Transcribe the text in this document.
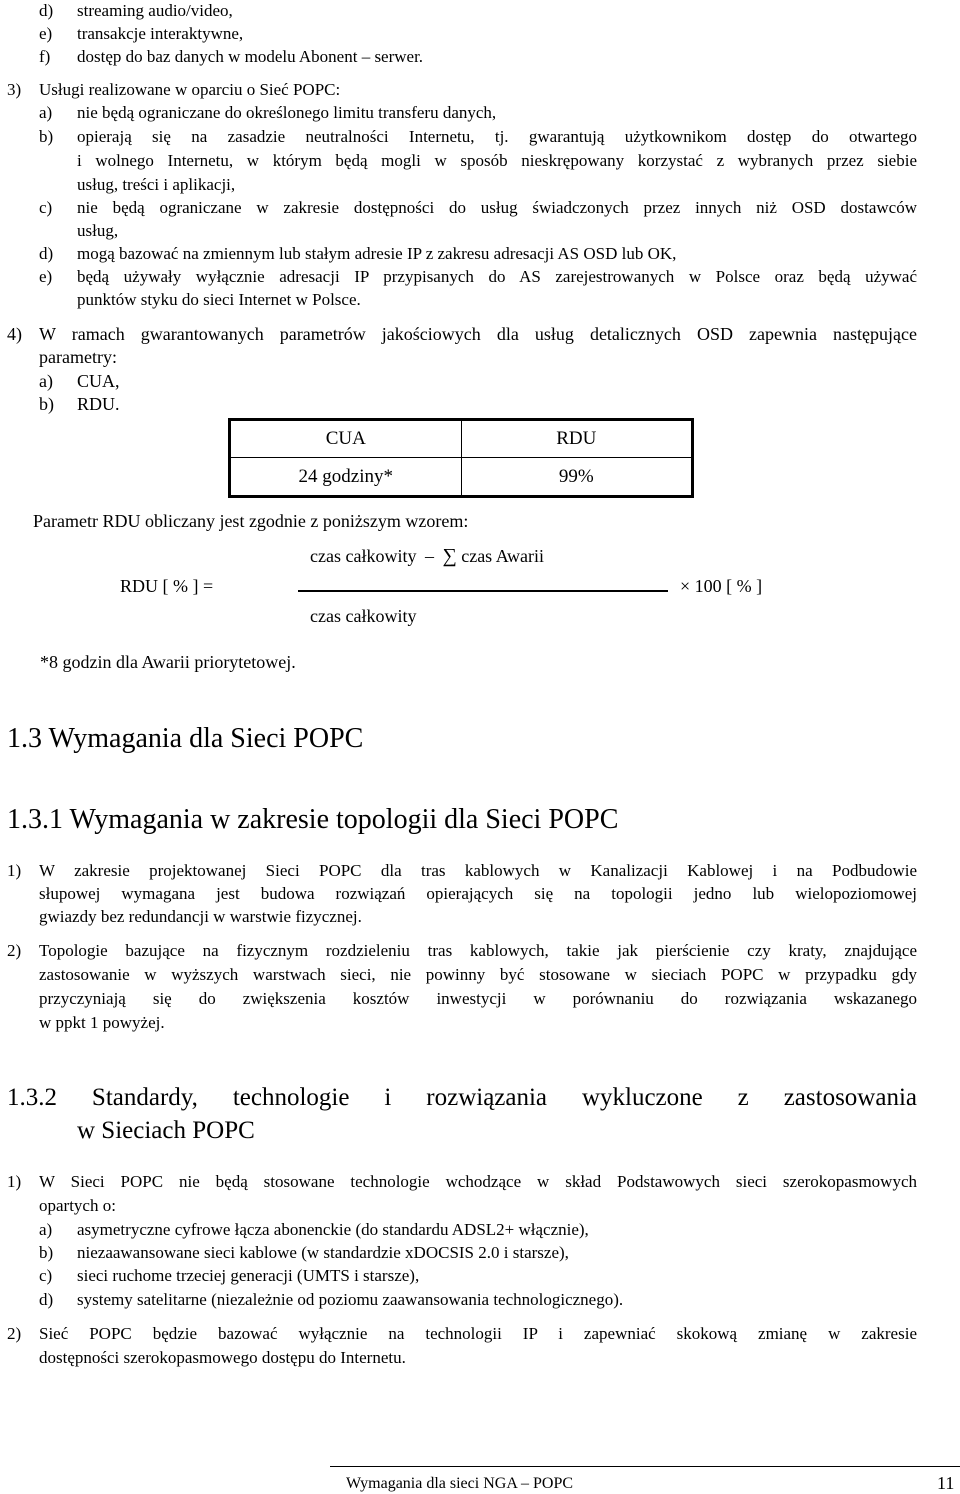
d) streaming audio/video,
e) transakcje interaktywne,
f) dostęp do baz danych w modelu Abonent – serwer.
3) Usługi realizowane w oparciu o Sieć POPC:
a) nie będą ograniczane do określonego limitu transferu danych,
b) opierają się na zasadzie neutralności Internetu, tj. gwarantują użytkownikom dostęp do otwartego
i wolnego Internetu, w którym będą mogli w sposób nieskrępowany korzystać z wybranych przez siebie
usług, treści i aplikacji,
c) nie będą ograniczane w zakresie dostępności do usług świadczonych przez innych niż OSD dostawców
usług,
d) mogą bazować na zmiennym lub stałym adresie IP z zakresu adresacji AS OSD lub OK,
e) będą używały wyłącznie adresacji IP przypisanych do AS zarejestrowanych w Polsce oraz będą używać
punktów styku do sieci Internet w Polsce.
4) W ramach gwarantowanych parametrów jakościowych dla usług detalicznych OSD zapewnia następujące
parametry:
a) CUA,
b) RDU.
CUA	RDU
24 godziny*	99%
Parametr RDU obliczany jest zgodnie z poniższym wzorem:
czas całkowity – ∑ czas Awarii
RDU [ % ] =	× 100 [ % ]
czas całkowity
*8 godzin dla Awarii priorytetowej.
1.3 Wymagania dla Sieci POPC
1.3.1 Wymagania w zakresie topologii dla Sieci POPC
1) W zakresie projektowanej Sieci POPC dla tras kablowych w Kanalizacji Kablowej i na Podbudowie
słupowej wymagana jest budowa rozwiązań opierających się na topologii jedno lub wielopoziomowej
gwiazdy bez redundancji w warstwie fizycznej.
2) Topologie bazujące na fizycznym rozdzieleniu tras kablowych, takie jak pierścienie czy kraty, znajdujące
zastosowanie w wyższych warstwach sieci, nie powinny być stosowane w sieciach POPC w przypadku gdy
przyczyniają się do zwiększenia kosztów inwestycji w porównaniu do rozwiązania wskazanego
w ppkt 1 powyżej.
1.3.2 Standardy, technologie i rozwiązania wykluczone z zastosowania
w Sieciach POPC
1) W Sieci POPC nie będą stosowane technologie wchodzące w skład Podstawowych sieci szerokopasmowych
opartych o:
a) asymetryczne cyfrowe łącza abonenckie (do standardu ADSL2+ włącznie),
b) niezaawansowane sieci kablowe (w standardzie xDOCSIS 2.0 i starsze),
c) sieci ruchome trzeciej generacji (UMTS i starsze),
d) systemy satelitarne (niezależnie od poziomu zaawansowania technologicznego).
2) Sieć POPC będzie bazować wyłącznie na technologii IP i zapewniać skokową zmianę w zakresie
dostępności szerokopasmowego dostępu do Internetu.
Wymagania dla sieci NGA – POPC	11
